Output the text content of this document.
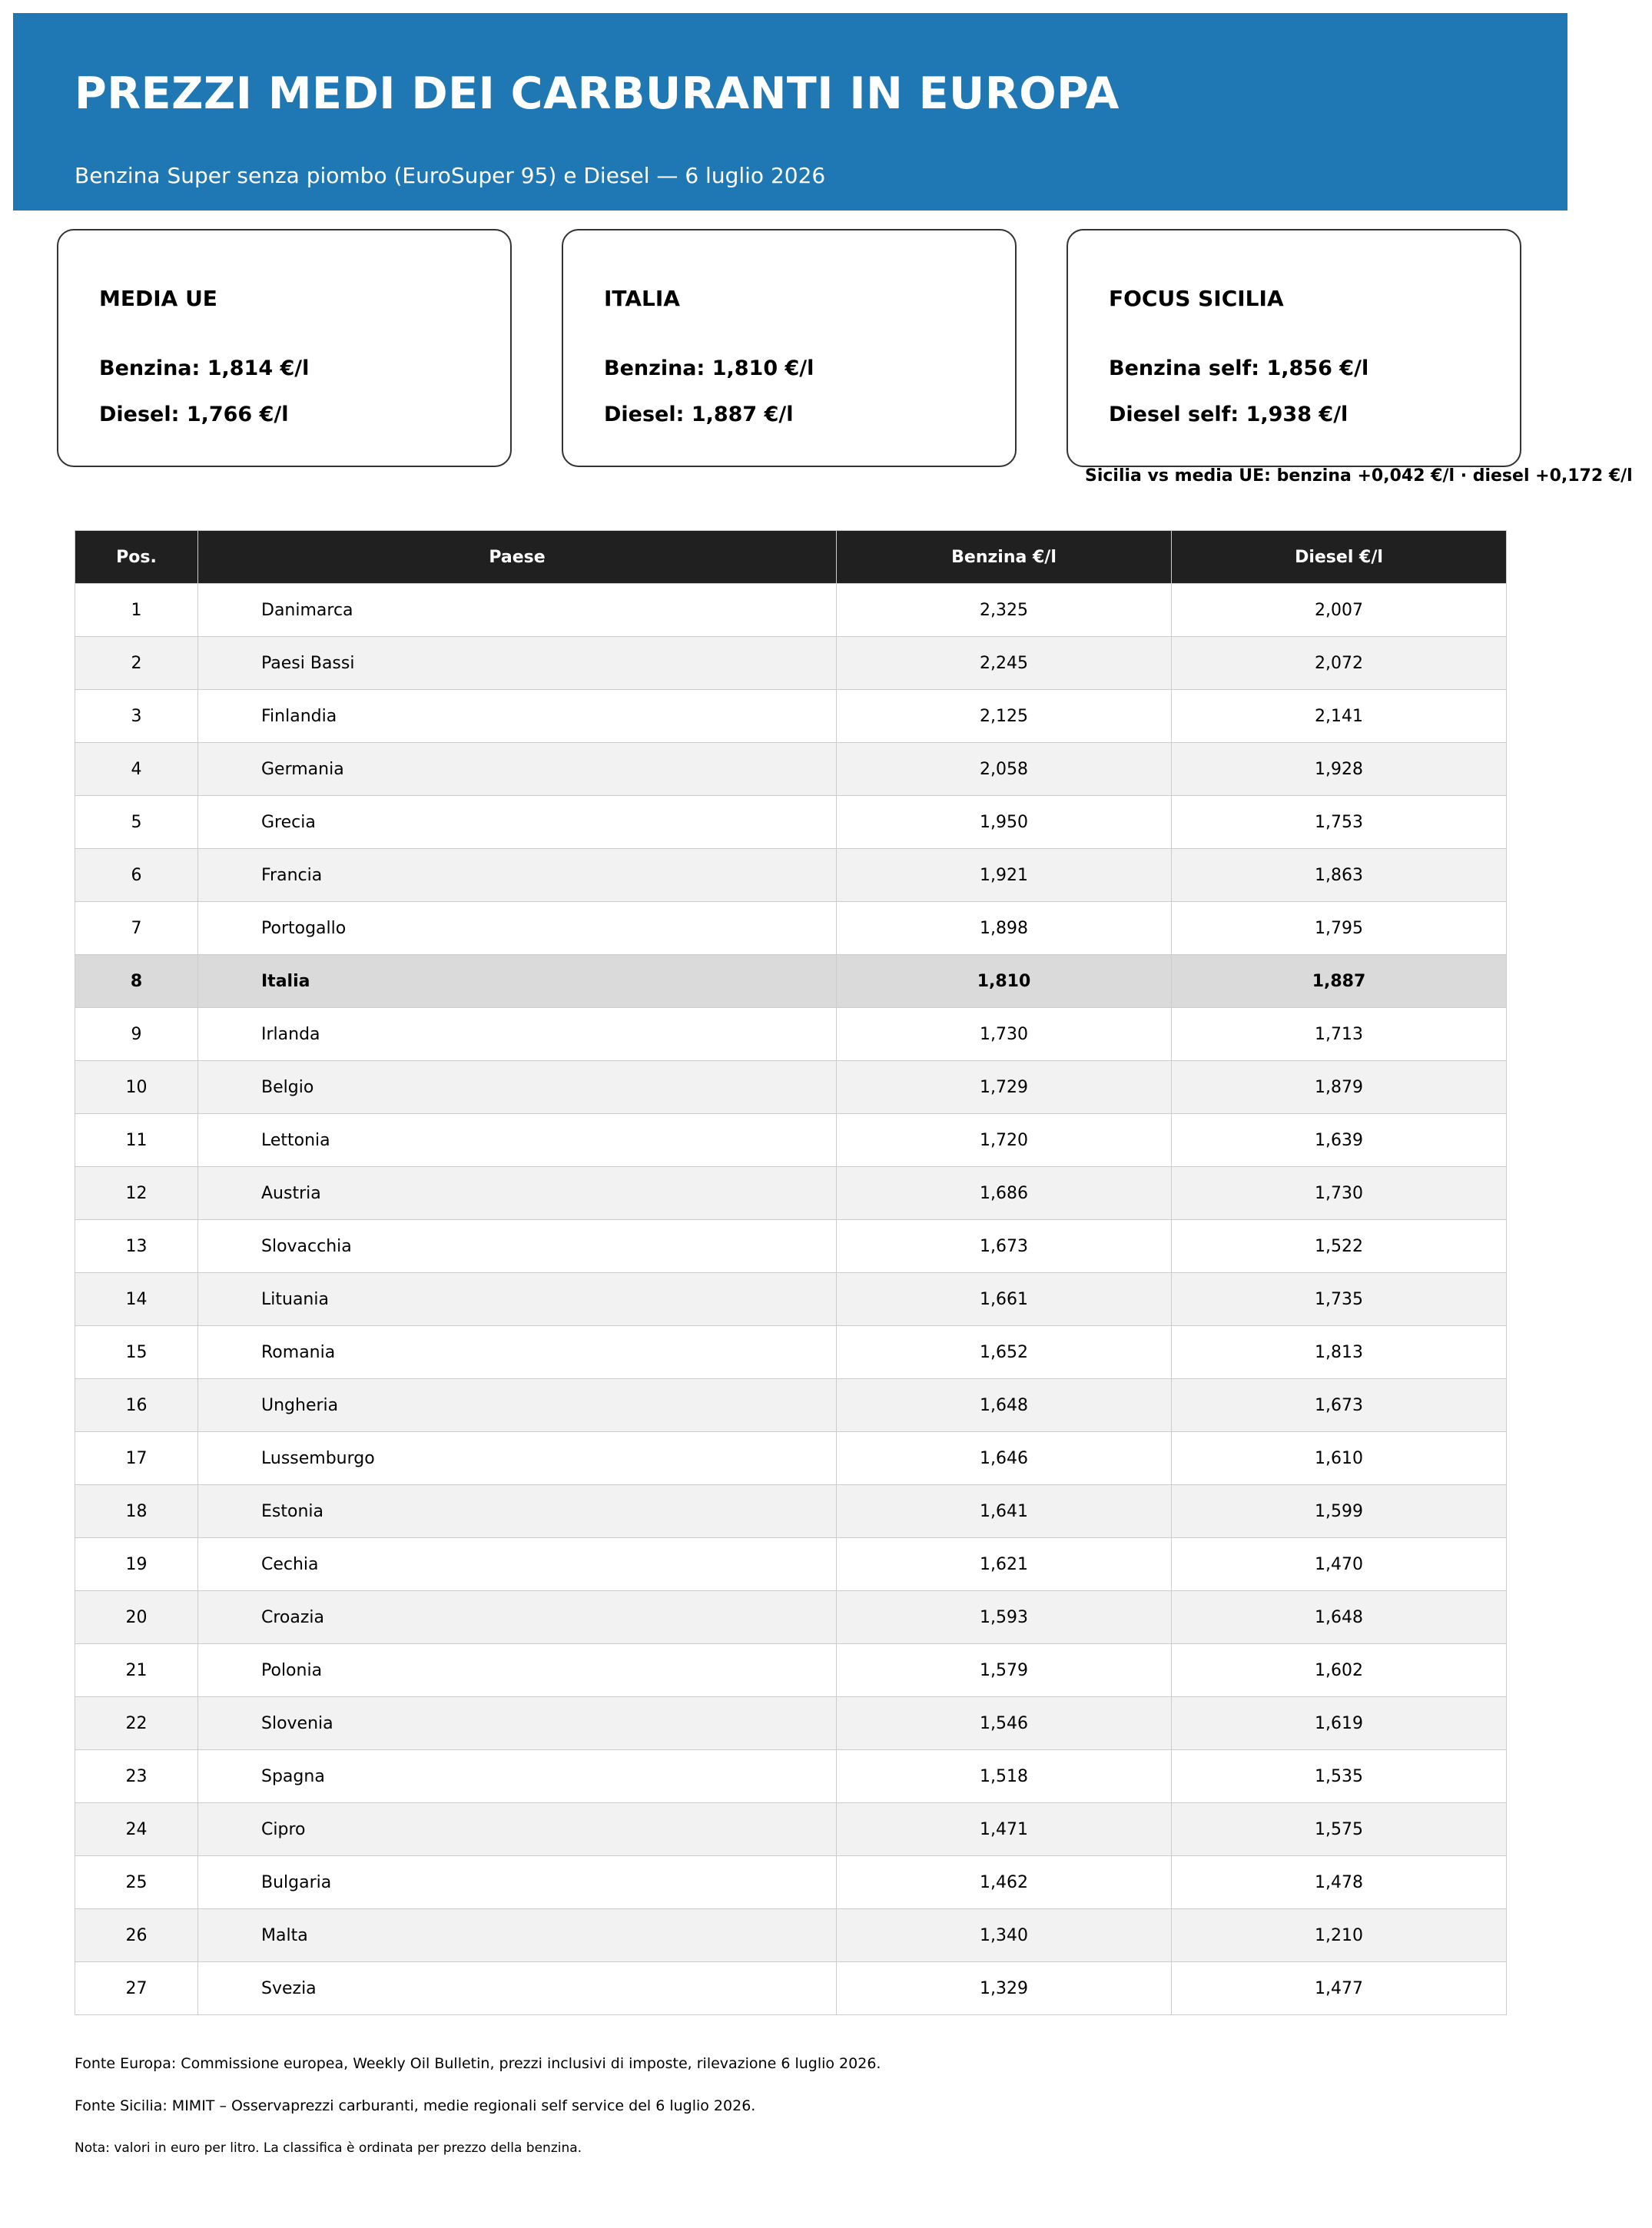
PREZZI MEDI DEI CARBURANTI IN EUROPA
Benzina Super senza piombo (EuroSuper 95) e Diesel — 6 luglio 2026
MEDIA UE
Benzina: 1,814 €/l
Diesel: 1,766 €/l
ITALIA
Benzina: 1,810 €/l
Diesel: 1,887 €/l
FOCUS SICILIA
Benzina self: 1,856 €/l
Diesel self: 1,938 €/l
Sicilia vs media UE: benzina +0,042 €/l · diesel +0,172 €/l
Pos.	Paese	Benzina €/l	Diesel €/l
1	Danimarca	2,325	2,007
2	Paesi Bassi	2,245	2,072
3	Finlandia	2,125	2,141
4	Germania	2,058	1,928
5	Grecia	1,950	1,753
6	Francia	1,921	1,863
7	Portogallo	1,898	1,795
8	Italia	1,810	1,887
9	Irlanda	1,730	1,713
10	Belgio	1,729	1,879
11	Lettonia	1,720	1,639
12	Austria	1,686	1,730
13	Slovacchia	1,673	1,522
14	Lituania	1,661	1,735
15	Romania	1,652	1,813
16	Ungheria	1,648	1,673
17	Lussemburgo	1,646	1,610
18	Estonia	1,641	1,599
19	Cechia	1,621	1,470
20	Croazia	1,593	1,648
21	Polonia	1,579	1,602
22	Slovenia	1,546	1,619
23	Spagna	1,518	1,535
24	Cipro	1,471	1,575
25	Bulgaria	1,462	1,478
26	Malta	1,340	1,210
27	Svezia	1,329	1,477
Fonte Europa: Commissione europea, Weekly Oil Bulletin, prezzi inclusivi di imposte, rilevazione 6 luglio 2026.
Fonte Sicilia: MIMIT – Osservaprezzi carburanti, medie regionali self service del 6 luglio 2026.
Nota: valori in euro per litro. La classifica è ordinata per prezzo della benzina.
